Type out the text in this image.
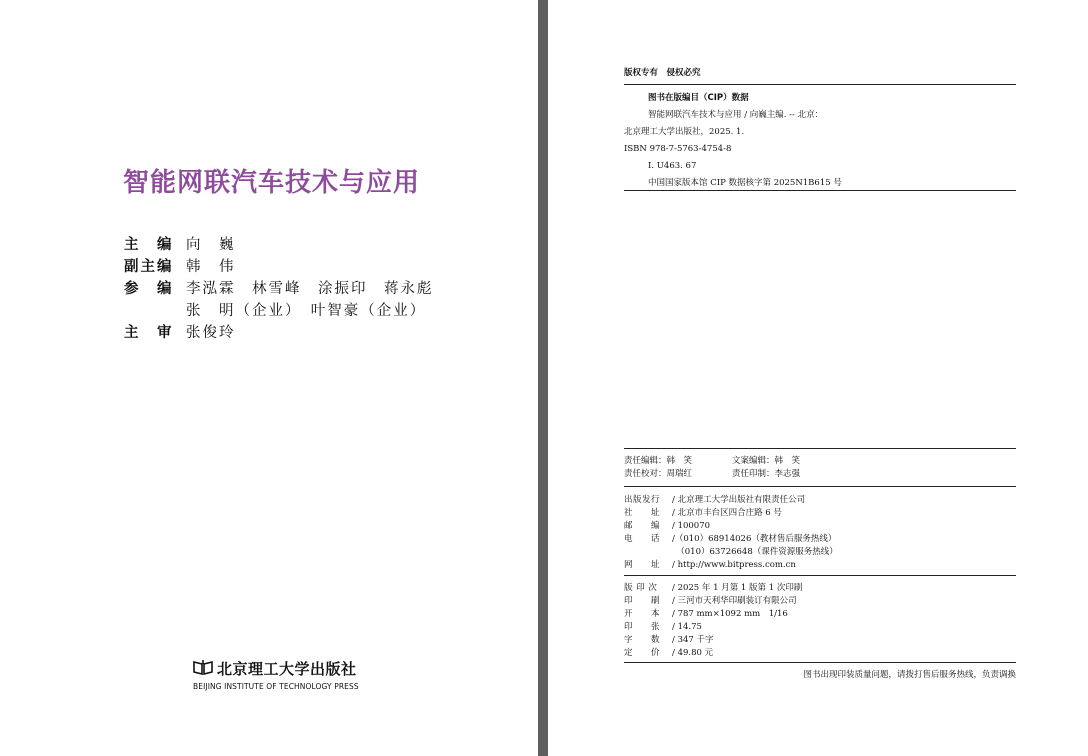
智能网联汽车技术与应用
主　编 向　巍
副主编 韩　伟
参　编 李泓霖　林雪峰　涂振印　蒋永彪
张　明（企业）　叶智豪（企业）
主　审 张俊玲
北京理工大学出版社
BEIJING INSTITUTE OF TECHNOLOGY PRESS
版权专有　侵权必究
图书在版编目（CIP）数据
智能网联汽车技术与应用 / 向巍主编. -- 北京：
北京理工大学出版社，2025. 1.
ISBN 978-7-5763-4754-8
Ⅰ. U463. 67
中国国家版本馆 CIP 数据核字第 2025N1B615 号
责任编辑：韩　笑	文案编辑：韩　笑
责任校对：周瑞红	责任印制：李志强
出版发行	/ 北京理工大学出版社有限责任公司
社　　址	/ 北京市丰台区四合庄路 6 号
邮　　编	/ 100070
电　　话	/（010）68914026（教材售后服务热线）
　（010）63726648（课件资源服务热线）
网　　址	/ http://www.bitpress.com.cn
版 印 次	/ 2025 年 1 月第 1 版第 1 次印刷
印　　刷	/ 三河市天利华印刷装订有限公司
开　　本	/ 787 mm×1092 mm　1/16
印　　张	/ 14.75
字　　数	/ 347 千字
定　　价	/ 49.80 元
图书出现印装质量问题，请拨打售后服务热线，负责调换
